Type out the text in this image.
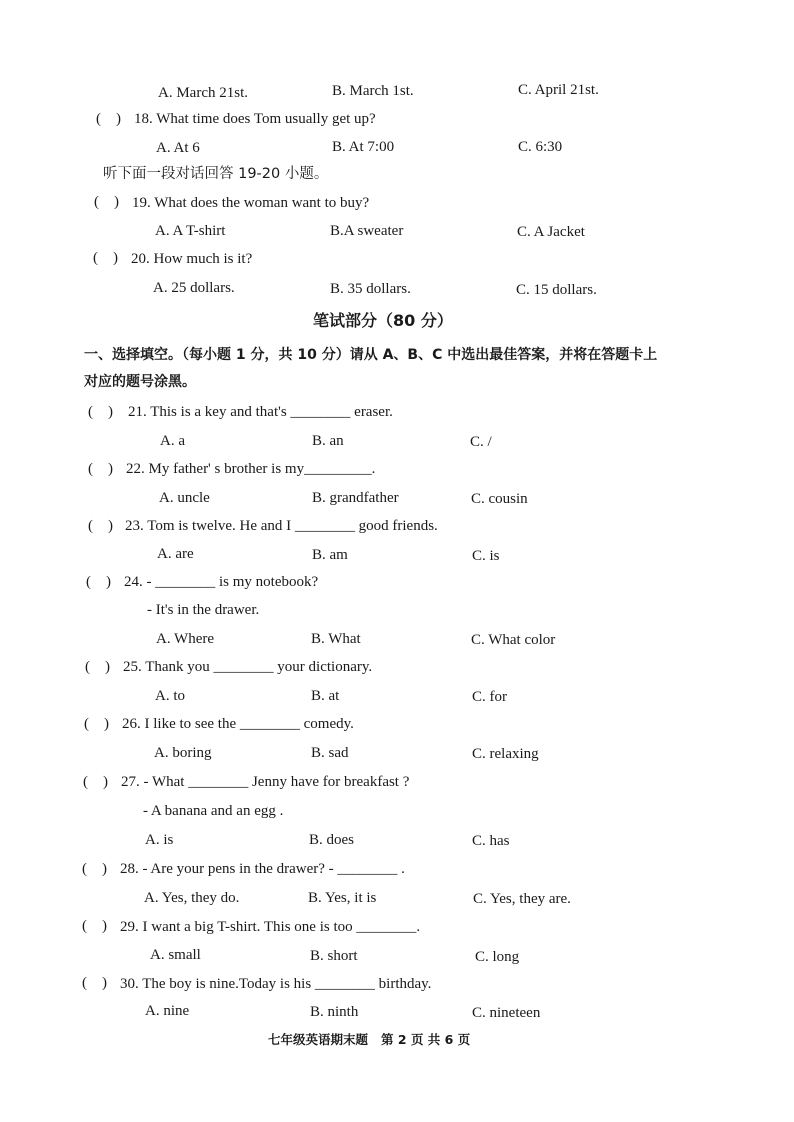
A. March 21st.	B. March 1st.	C. April 21st.
(    ) 18. What time does Tom usually get up?
A. At 6	B. At 7:00	C. 6:30
听下面一段对话回答 19-20 小题。
(    ) 19. What does the woman want to buy?
A. A T-shirt	B.A sweater	C. A Jacket
(    ) 20. How much is it?
A. 25 dollars.	B. 35 dollars.	C. 15 dollars.
笔试部分（80 分）
一、选择填空。（每小题 1 分，共 10 分）请从 A、B、C 中选出最佳答案，并将在答题卡上
对应的题号涂黑。
(    ) 21. This is a key and that's ________ eraser.
A. a	B. an	C. /
(    ) 22. My father' s brother is my_________.
A. uncle	B. grandfather	C. cousin
(    ) 23. Tom is twelve. He and I ________ good friends.
A. are	B. am	C. is
(    ) 24. - ________ is my notebook?
- It's in the drawer.
A. Where	B. What	C. What color
(    ) 25. Thank you ________ your dictionary.
A. to	B. at	C. for
(    ) 26. I like to see the ________ comedy.
A. boring	B. sad	C. relaxing
(    ) 27. - What ________ Jenny have for breakfast ?
- A banana and an egg .
A. is	B. does	C. has
(    ) 28. - Are your pens in the drawer? - ________ .
A. Yes, they do.	B. Yes, it is	C. Yes, they are.
(    ) 29. I want a big T-shirt. This one is too ________.
A. small	B. short	C. long
(    ) 30. The boy is nine.Today is his ________ birthday.
A. nine	B. ninth	C. nineteen
七年级英语期末题   第 2 页 共 6 页
